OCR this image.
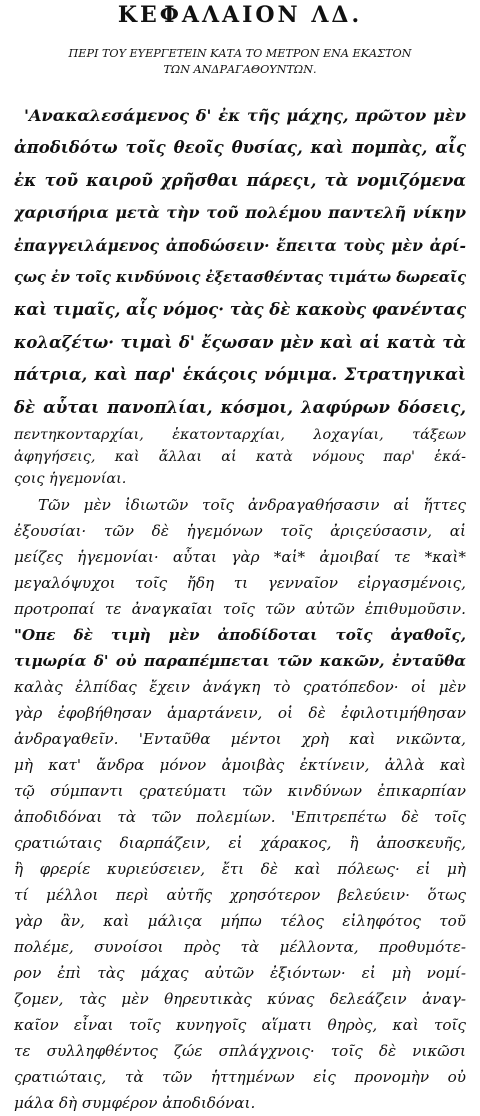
ΚΕΦΑΛΑΙΟΝ ΛΔ.
ΠΕΡΙ ΤΟΥ ΕΥΕΡΓΕΤΕΙΝ ΚΑΤΑ ΤΟ ΜΕΤΡΟΝ ΕΝΑ ΕΚΑΣΤΟΝ
ΤΩΝ ΑΝΔΡΑΓΑΘΟΥΝΤΩΝ.
'Ανακαλεσάμενος δ' ἐκ τῆς μάχης, πρῶτον μὲν
ἀποδιδότω τοῖς θεοῖς θυσίας, καὶ πομπὰς, αἷς
ἐκ τοῦ καιροῦ χρῆσθαι πάρεςι, τὰ νομιζόμενα
χαρισήρια μετὰ τὴν τοῦ πολέμου παντελῆ νίκην
ἐπαγγειλάμενος ἀποδώσειν· ἔπειτα τοὺς μὲν ἀρί-
ςως ἐν τοῖς κινδύνοις ἐξετασθέντας τιμάτω δωρεαῖς
καὶ τιμαῖς, αἷς νόμος· τὰς δὲ κακοὺς φανέντας
κολαζέτω· τιμαὶ δ' ἔςωσαν μὲν καὶ αἱ κατὰ τὰ
πάτρια, καὶ παρ' ἑκάςοις νόμιμα. Στρατηγικαὶ
δὲ αὗται πανοπλίαι, κόσμοι, λαφύρων δόσεις,
πεντηκονταρχίαι, ἑκατονταρχίαι, λοχαγίαι, τάξεων
ἀφηγήσεις, καὶ ἄλλαι αἱ κατὰ νόμους παρ' ἑκά-
ςοις ἡγεμονίαι.
Τῶν μὲν ἰδιωτῶν τοῖς ἀνδραγαθήσασιν αἱ ἥττες
ἐξουσίαι· τῶν δὲ ἡγεμόνων τοῖς ἀριςεύσασιν, αἱ
μείζες ἡγεμονίαι· αὗται γὰρ *αἱ* ἀμοιβαί τε *καὶ*
μεγαλόψυχοι τοῖς ἤδη τι γενναῖον εἰργασμένοις,
προτροπαί τε ἀναγκαῖαι τοῖς τῶν αὐτῶν ἐπιθυμοῦσιν.
"Οπε δὲ τιμὴ μὲν ἀποδίδοται τοῖς ἀγαθοῖς,
τιμωρία δ' οὐ παραπέμπεται τῶν κακῶν, ἐνταῦθα
καλὰς ἐλπίδας ἔχειν ἀνάγκη τὸ ςρατόπεδον· οἱ μὲν
γὰρ ἐφοβήθησαν ἁμαρτάνειν, οἱ δὲ ἐφιλοτιμήθησαν
ἀνδραγαθεῖν. 'Ενταῦθα μέντοι χρὴ καὶ νικῶντα,
μὴ κατ' ἄνδρα μόνον ἀμοιβὰς ἐκτίνειν, ἀλλὰ καὶ
τῷ σύμπαντι ςρατεύματι τῶν κινδύνων ἐπικαρπίαν
ἀποδιδόναι τὰ τῶν πολεμίων. 'Επιτρεπέτω δὲ τοῖς
ςρατιώταις διαρπάζειν, εἰ χάρακος, ἢ ἀποσκευῆς,
ἢ φρερίε κυριεύσειεν, ἔτι δὲ καὶ πόλεως· εἰ μὴ
τί μέλλοι περὶ αὐτῆς χρησότερον βελεύειν· ὅτως
γὰρ ἂν, καὶ μάλιςα μήπω τέλος εἰληφότος τοῦ
πολέμε, συνοίσοι πρὸς τὰ μέλλοντα, προθυμότε-
ρον ἐπὶ τὰς μάχας αὐτῶν ἐξιόντων· εἰ μὴ νομί-
ζομεν, τὰς μὲν θηρευτικὰς κύνας δελεάζειν ἀναγ-
καῖον εἶναι τοῖς κυνηγοῖς αἵματι θηρὸς, καὶ τοῖς
τε συλληφθέντος ζώε σπλάγχνοις· τοῖς δὲ νικῶσι
ςρατιώταις, τὰ τῶν ἡττημένων εἰς προνομὴν οὐ
μάλα δὴ συμφέρον ἀποδιδόναι.
